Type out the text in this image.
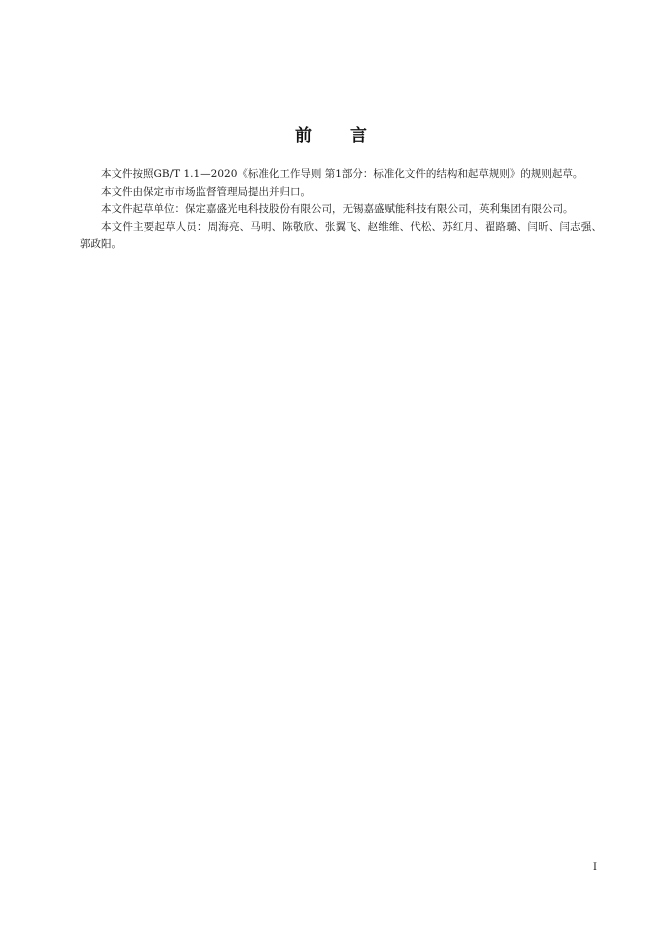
前 言

本文件按照GB/T 1.1—2020《标准化工作导则 第1部分：标准化文件的结构和起草规则》的规则起草。

本文件由保定市市场监督管理局提出并归口。

本文件起草单位：保定嘉盛光电科技股份有限公司，无锡嘉盛赋能科技有限公司，英利集团有限公司。

本文件主要起草人员：周海亮、马明、陈敬欣、张翼飞、赵维维、代松、苏红月、翟路璐、闫昕、闫志强、郭政阳。

I
